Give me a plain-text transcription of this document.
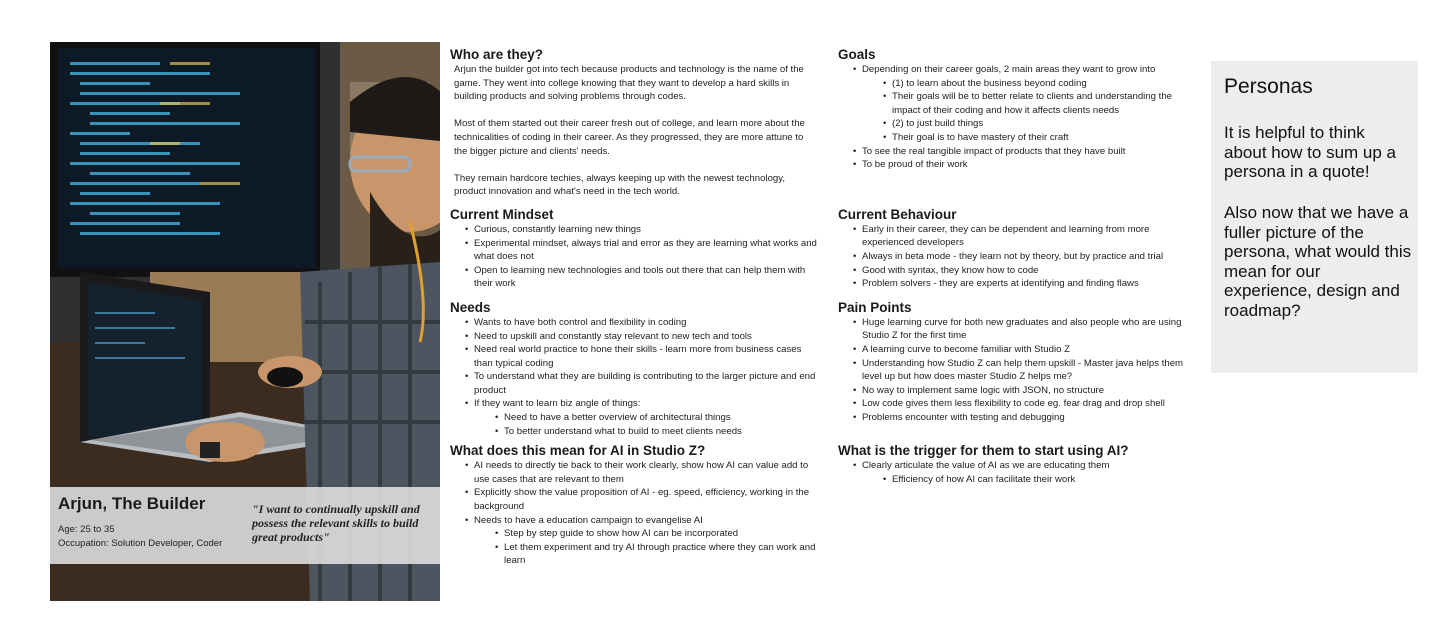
Arjun, The Builder
Age: 25 to 35
Occupation: Solution Developer, Coder
"I want to continually upskill and possess the relevant skills to build great products"
Who are they?

Arjun the builder got into tech because products and technology is the name of the game. They went into college knowing that they want to develop a hard skills in building products and solving problems through codes.

Most of them started out their career fresh out of college, and learn more about the technicalities of coding in their career. As they progressed, they are more attune to the bigger picture and clients' needs.

They remain hardcore techies, always keeping up with the newest technology, product innovation and what's need in the tech world.

Current Mindset
• Curious, constantly learning new things
• Experimental mindset, always trial and error as they are learning what works and what does not
• Open to learning new technologies and tools out there that can help them with their work
Needs
• Wants to have both control and flexibility in coding
• Need to upskill and constantly stay relevant to new tech and tools
• Need real world practice to hone their skills - learn more from business cases than typical coding
• To understand what they are building is contributing to the larger picture and end product
• If they want to learn biz angle of things:
• Need to have a better overview of architectural things
• To better understand what to build to meet clients needs
What does this mean for AI in Studio Z?
• AI needs to directly tie back to their work clearly, show how AI can value add to use cases that are relevant to them
• Explicitly show the value proposition of AI - eg. speed, efficiency, working in the background
• Needs to have a education campaign to evangelise AI
• Step by step guide to show how AI can be incorporated
• Let them experiment and try AI through practice where they can work and learn
Goals
• Depending on their career goals, 2 main areas they want to grow into
• (1) to learn about the business beyond coding
• Their goals will be to better relate to clients and understanding the impact of their coding and how it affects clients needs
• (2) to just build things
• Their goal is to have mastery of their craft
• To see the real tangible impact of products that they have built
• To be proud of their work
Current Behaviour
• Early in their career, they can be dependent and learning from more experienced developers
• Always in beta mode - they learn not by theory, but by practice and trial
• Good with syntax, they know how to code
• Problem solvers - they are experts at identifying and finding flaws
Pain Points
• Huge learning curve for both new graduates and also people who are using Studio Z for the first time
• A learning curve to become familiar with Studio Z
• Understanding how Studio Z can help them upskill - Master java helps them level up but how does master Studio Z helps me?
• No way to implement same logic with JSON, no structure
• Low code gives them less flexibility to code eg. fear drag and drop shell
• Problems encounter with testing and debugging
What is the trigger for them to start using AI?
• Clearly articulate the value of AI as we are educating them
• Efficiency of how AI can facilitate their work
Personas
It is helpful to think about how to sum up a persona in a quote!
Also now that we have a fuller picture of the persona, what would this mean for our experience, design and roadmap?
